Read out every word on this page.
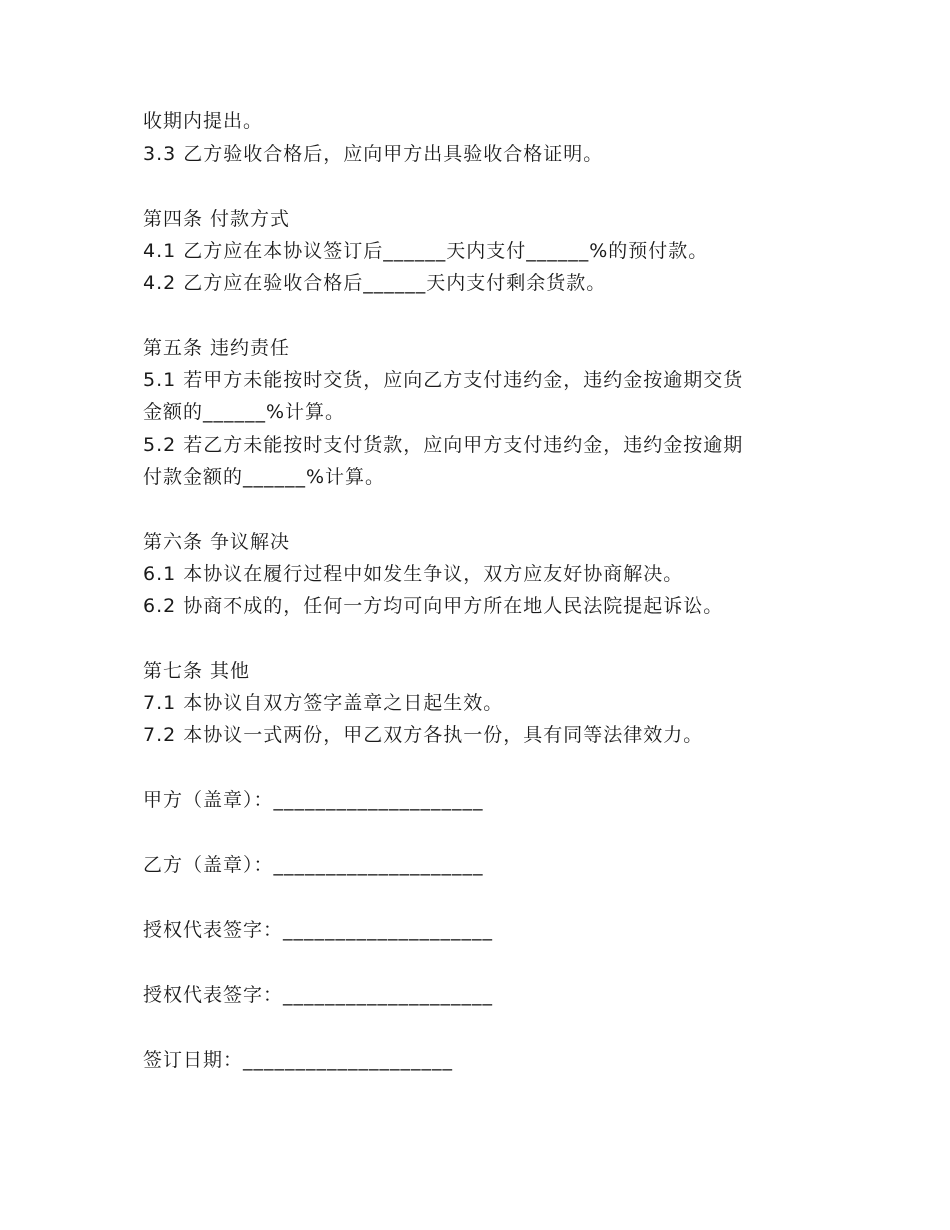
收期内提出。
3.3 乙方验收合格后，应向甲方出具验收合格证明。
第四条 付款方式
4.1 乙方应在本协议签订后______天内支付______%的预付款。
4.2 乙方应在验收合格后______天内支付剩余货款。
第五条 违约责任
5.1 若甲方未能按时交货，应向乙方支付违约金，违约金按逾期交货
金额的______%计算。
5.2 若乙方未能按时支付货款，应向甲方支付违约金，违约金按逾期
付款金额的______%计算。
第六条 争议解决
6.1 本协议在履行过程中如发生争议，双方应友好协商解决。
6.2 协商不成的，任何一方均可向甲方所在地人民法院提起诉讼。
第七条 其他
7.1 本协议自双方签字盖章之日起生效。
7.2 本协议一式两份，甲乙双方各执一份，具有同等法律效力。
甲方（盖章）：____________________
乙方（盖章）：____________________
授权代表签字：____________________
授权代表签字：____________________
签订日期：____________________
